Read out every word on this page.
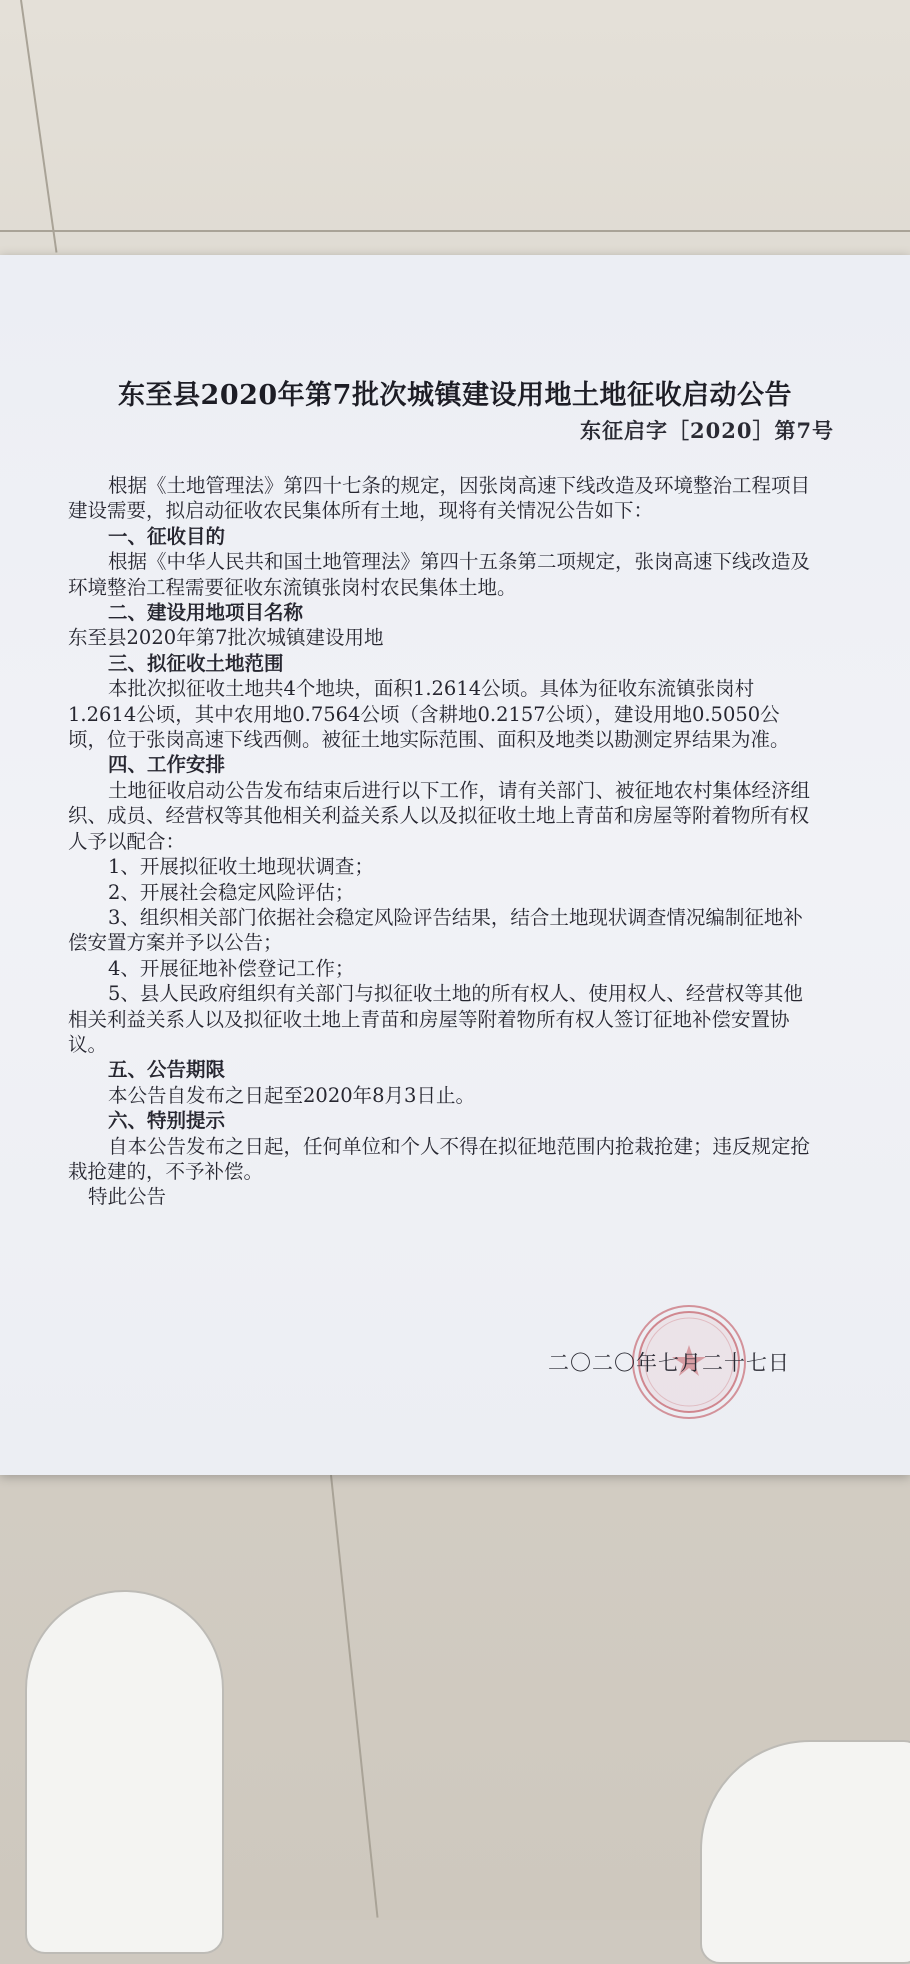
东至县2020年第7批次城镇建设用地土地征收启动公告
东征启字［2020］第7号

根据《土地管理法》第四十七条的规定，因张岗高速下线改造及环境整治工程项目建设需要，拟启动征收农民集体所有土地，现将有关情况公告如下：

一、征收目的

根据《中华人民共和国土地管理法》第四十五条第二项规定，张岗高速下线改造及环境整治工程需要征收东流镇张岗村农民集体土地。

二、建设用地项目名称

东至县2020年第7批次城镇建设用地

三、拟征收土地范围

本批次拟征收土地共4个地块，面积1.2614公顷。具体为征收东流镇张岗村1.2614公顷，其中农用地0.7564公顷（含耕地0.2157公顷），建设用地0.5050公顷，位于张岗高速下线西侧。被征土地实际范围、面积及地类以勘测定界结果为准。

四、工作安排

土地征收启动公告发布结束后进行以下工作，请有关部门、被征地农村集体经济组织、成员、经营权等其他相关利益关系人以及拟征收土地上青苗和房屋等附着物所有权人予以配合：

1、开展拟征收土地现状调查；

2、开展社会稳定风险评估；

3、组织相关部门依据社会稳定风险评告结果，结合土地现状调查情况编制征地补偿安置方案并予以公告；

4、开展征地补偿登记工作；

5、县人民政府组织有关部门与拟征收土地的所有权人、使用权人、经营权等其他相关利益关系人以及拟征收土地上青苗和房屋等附着物所有权人签订征地补偿安置协议。

五、公告期限

本公告自发布之日起至2020年8月3日止。

六、特别提示

自本公告发布之日起，任何单位和个人不得在拟征地范围内抢栽抢建；违反规定抢栽抢建的，不予补偿。

特此公告

二〇二〇年七月二十七日
